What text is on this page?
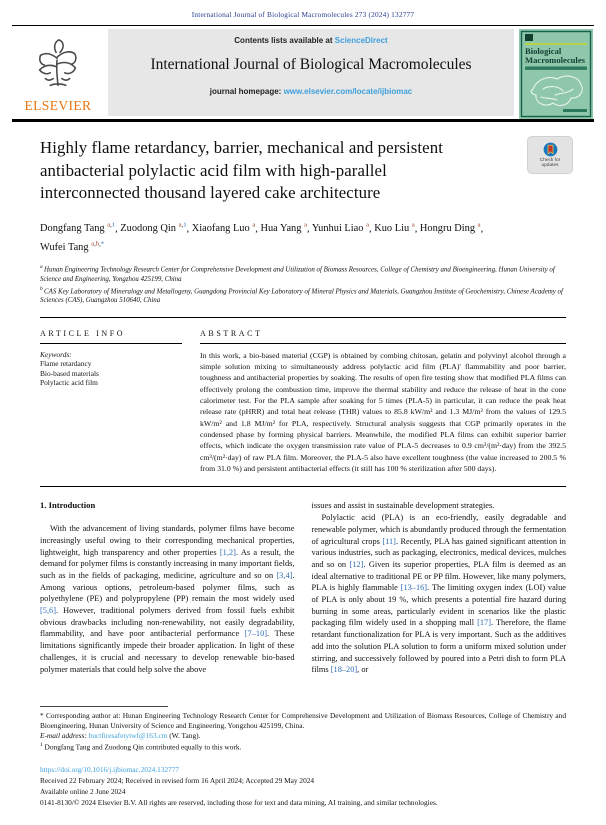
International Journal of Biological Macromolecules 273 (2024) 132777
ELSEVIER
Contents lists available at ScienceDirect
International Journal of Biological Macromolecules
journal homepage: www.elsevier.com/locate/ijbiomac
Biological
Macromolecules
Highly flame retardancy, barrier, mechanical and persistent antibacterial polylactic acid film with high-parallel interconnected thousand layered cake architecture
Check for updates
Dongfang Tang $^{a,1}$, Zuodong Qin $^{a,1}$, Xiaofang Luo $^a$, Hua Yang $^a$, Yunhui Liao $^a$, Kuo Liu $^a$, Hongru Ding $^a$, Wufei Tang $^{a,b,*}$
$^a$ Hunan Engineering Technology Research Center for Comprehensive Development and Utilization of Biomass Resources, College of Chemistry and Bioengineering, Hunan University of Science and Engineering, Yongzhou 425199, China
$^b$ CAS Key Laboratory of Mineralogy and Metallogeny, Guangdong Provincial Key Laboratory of Mineral Physics and Materials, Guangzhou Institute of Geochemistry, Chinese Academy of Sciences (CAS), Guangzhou 510640, China
ARTICLE INFO
Keywords:
Flame retardancy
Bio-based materials
Polylactic acid film
ABSTRACT

In this work, a bio-based material (CGP) is obtained by combing chitosan, gelatin and polyvinyl alcohol through a simple solution mixing to simultaneously address polylactic acid film (PLA)' flammability and poor barrier, toughness and antibacterial properties by soaking. The results of open fire testing show that modified PLA films can effectively prolong the combustion time, improve the thermal stability and reduce the release of heat in the cone calorimeter test. For the PLA sample after soaking for 5 times (PLA-5) in particular, it can reduce the peak heat release rate (pHRR) and total heat release (THR) values to 85.8 kW/m² and 1.3 MJ/m² from the values of 129.5 kW/m² and 1.8 MJ/m² for PLA, respectively. Structural analysis suggests that CGP primarily operates in the condensed phase by forming physical barriers. Meanwhile, the modified PLA films can exhibit superior barrier effects, which indicate the oxygen transmission rate value of PLA-5 decreases to 0.9 cm³/(m²·day) from the 392.5 cm³/(m²·day) of raw PLA film. Moreover, the PLA-5 also have excellent toughness (the value increased to 200.5 % from 31.0 %) and persistent antibacterial effects (it still has 100 % sterilization after 500 days).

1. Introduction

With the advancement of living standards, polymer films have become increasingly useful owing to their corresponding mechanical properties, lightweight, high transparency and other properties [1,2]. As a result, the demand for polymer films is constantly increasing in many important fields, such as in the fields of packaging, medicine, agriculture and so on [3,4]. Among various options, petroleum-based polymer films, such as polyethylene (PE) and polypropylene (PP) remain the most widely used [5,6]. However, traditional polymers derived from fossil fuels exhibit obvious drawbacks including non-renewability, not easily degradability, flammability, and have poor antibacterial performance [7–10]. These limitations significantly impede their broader application. In light of these challenges, it is crucial and necessary to develop renewable bio-based polymer materials that could help solve the above

issues and assist in sustainable development strategies.

Polylactic acid (PLA) is an eco-friendly, easily degradable and renewable polymer, which is abundantly produced through the fermentation of agricultural crops [11]. Recently, PLA has gained significant attention in various industries, such as packaging, electronics, medical devices, mulches and so on [12]. Given its superior properties, PLA film is deemed as an ideal alternative to traditional PE or PP film. However, like many polymers, PLA is highly flammable [13–16]. The limiting oxygen index (LOI) value of PLA is only about 19 %, which presents a potential fire hazard during burning in some areas, particularly evident in scenarios like the plastic packaging film widely used in a shopping mall [17]. Therefore, the flame retardant functionalization for PLA is very important. Such as the additives add into the solution PLA solution to form a uniform mixed solution under stirring, and successively followed by poured into a Petri dish to form PLA films [18–20], or

* Corresponding author at: Hunan Engineering Technology Research Center for Comprehensive Development and Utilization of Biomass Resources, College of Chemistry and Bioengineering, Hunan University of Science and Engineering, Yongzhou 425199, China.

E-mail address: buctfiresafetytwf@163.cm (W. Tang).

$^1$ Dongfang Tang and Zuodong Qin contributed equally to this work.

https://doi.org/10.1016/j.ijbiomac.2024.132777

Received 22 February 2024; Received in revised form 16 April 2024; Accepted 29 May 2024

Available online 2 June 2024

0141-8130/© 2024 Elsevier B.V. All rights are reserved, including those for text and data mining, AI training, and similar technologies.
